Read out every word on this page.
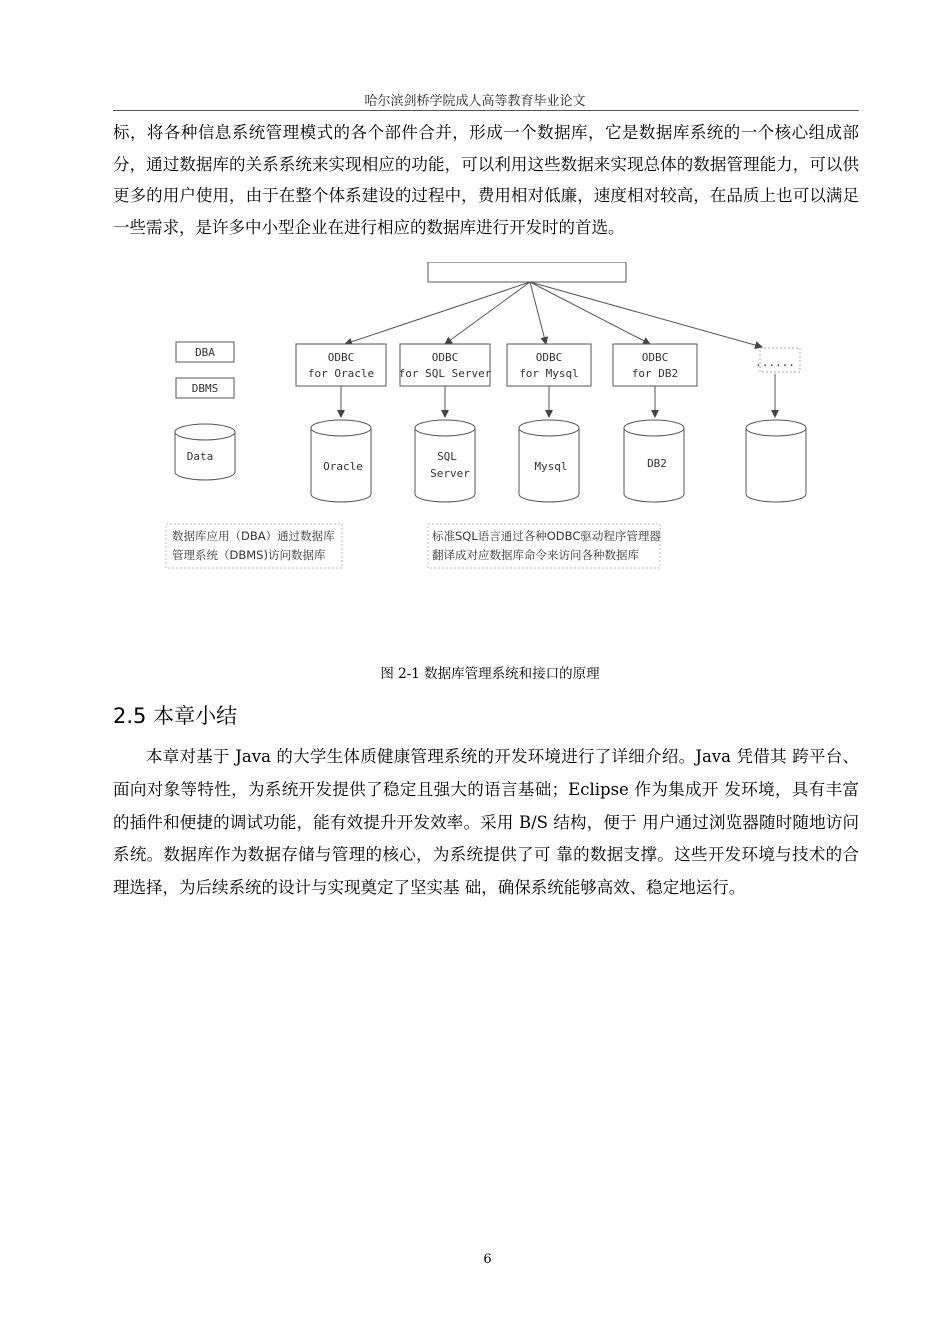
哈尔滨剑桥学院成人高等教育毕业论文

标，将各种信息系统管理模式的各个部件合并，形成一个数据库，它是数据库系统的一个核心组成部分，通过数据库的关系系统来实现相应的功能，可以利用这些数据来实现总体的数据管理能力，可以供更多的用户使用，由于在整个体系建设的过程中，费用相对低廉，速度相对较高，在品质上也可以满足一些需求，是许多中小型企业在进行相应的数据库进行开发时的首选。

DBA
DBMS
Data
ODBC
for Oracle
ODBC
for SQL Server
ODBC
for Mysql
ODBC
for DB2
......
Oracle
SQL
Server
Mysql	DB2
数据库应用（DBA）通过数据库
管理系统（DBMS)访问数据库
标准SQL语言通过各种ODBC驱动程序管理器
翻译成对应数据库命令来访问各种数据库
图 2-1 数据库管理系统和接口的原理
2.5 本章小结

本章对基于 Java 的大学生体质健康管理系统的开发环境进行了详细介绍。Java 凭借其 跨平台、面向对象等特性，为系统开发提供了稳定且强大的语言基础；Eclipse 作为集成开 发环境，具有丰富的插件和便捷的调试功能，能有效提升开发效率。采用 B/S 结构，便于 用户通过浏览器随时随地访问系统。数据库作为数据存储与管理的核心，为系统提供了可 靠的数据支撑。这些开发环境与技术的合理选择，为后续系统的设计与实现奠定了坚实基 础，确保系统能够高效、稳定地运行。

6
